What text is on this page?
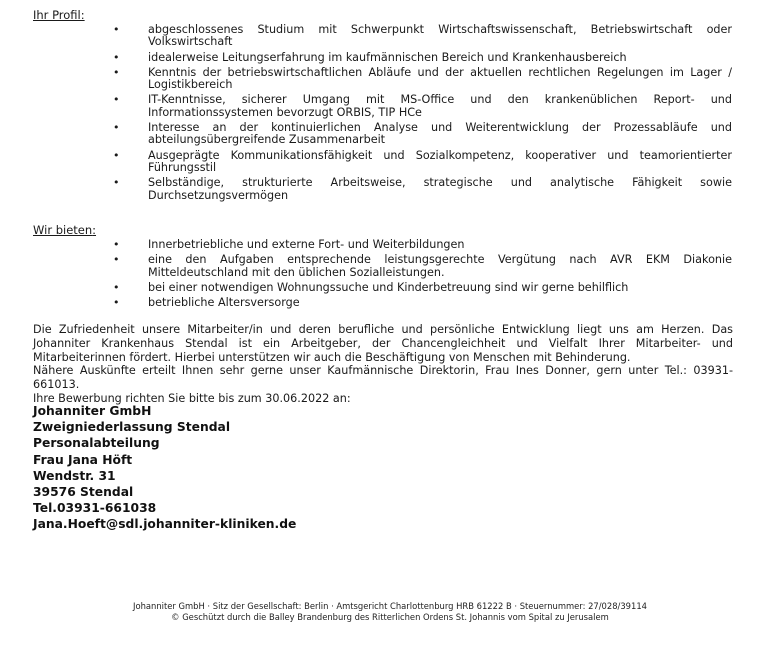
Ihr Profil:
•	abgeschlossenes Studium mit Schwerpunkt Wirtschaftswissenschaft, Betriebswirtschaft oder Volkswirtschaft
•	idealerweise Leitungserfahrung im kaufmännischen Bereich und Krankenhausbereich
•	Kenntnis der betriebswirtschaftlichen Abläufe und der aktuellen rechtlichen Regelungen im Lager / Logistikbereich
•	IT-Kenntnisse, sicherer Umgang mit MS-Office und den krankenüblichen Report- und Informationssystemen bevorzugt ORBIS, TIP HCe
•	Interesse an der kontinuierlichen Analyse und Weiterentwicklung der Prozessabläufe und abteilungsübergreifende Zusammenarbeit
•	Ausgeprägte Kommunikationsfähigkeit und Sozialkompetenz, kooperativer und teamorientierter Führungsstil
•	Selbständige, strukturierte Arbeitsweise, strategische und analytische Fähigkeit sowie Durchsetzungsvermögen
Wir bieten:
•	Innerbetriebliche und externe Fort- und Weiterbildungen
•	eine den Aufgaben entsprechende leistungsgerechte Vergütung nach AVR EKM Diakonie Mitteldeutschland mit den üblichen Sozialleistungen.
•	bei einer notwendigen Wohnungssuche und Kinderbetreuung sind wir gerne behilflich
•	betriebliche Altersversorge
Die Zufriedenheit unsere Mitarbeiter/in und deren berufliche und persönliche Entwicklung liegt uns am Herzen. Das Johanniter Krankenhaus Stendal ist ein Arbeitgeber, der Chancengleichheit und Vielfalt Ihrer Mitarbeiter- und Mitarbeiterinnen fördert. Hierbei unterstützen wir auch die Beschäftigung von Menschen mit Behinderung.
Nähere Auskünfte erteilt Ihnen sehr gerne unser Kaufmännische Direktorin, Frau Ines Donner, gern unter Tel.: 03931-661013.
Ihre Bewerbung richten Sie bitte bis zum 30.06.2022 an:
Johanniter GmbH
Zweigniederlassung Stendal
Personalabteilung
Frau Jana Höft
Wendstr. 31
39576 Stendal
Tel.03931-661038
Jana.Hoeft@sdl.johanniter-kliniken.de
Johanniter GmbH · Sitz der Gesellschaft: Berlin · Amtsgericht Charlottenburg HRB 61222 B · Steuernummer: 27/028/39114
© Geschützt durch die Balley Brandenburg des Ritterlichen Ordens St. Johannis vom Spital zu Jerusalem
